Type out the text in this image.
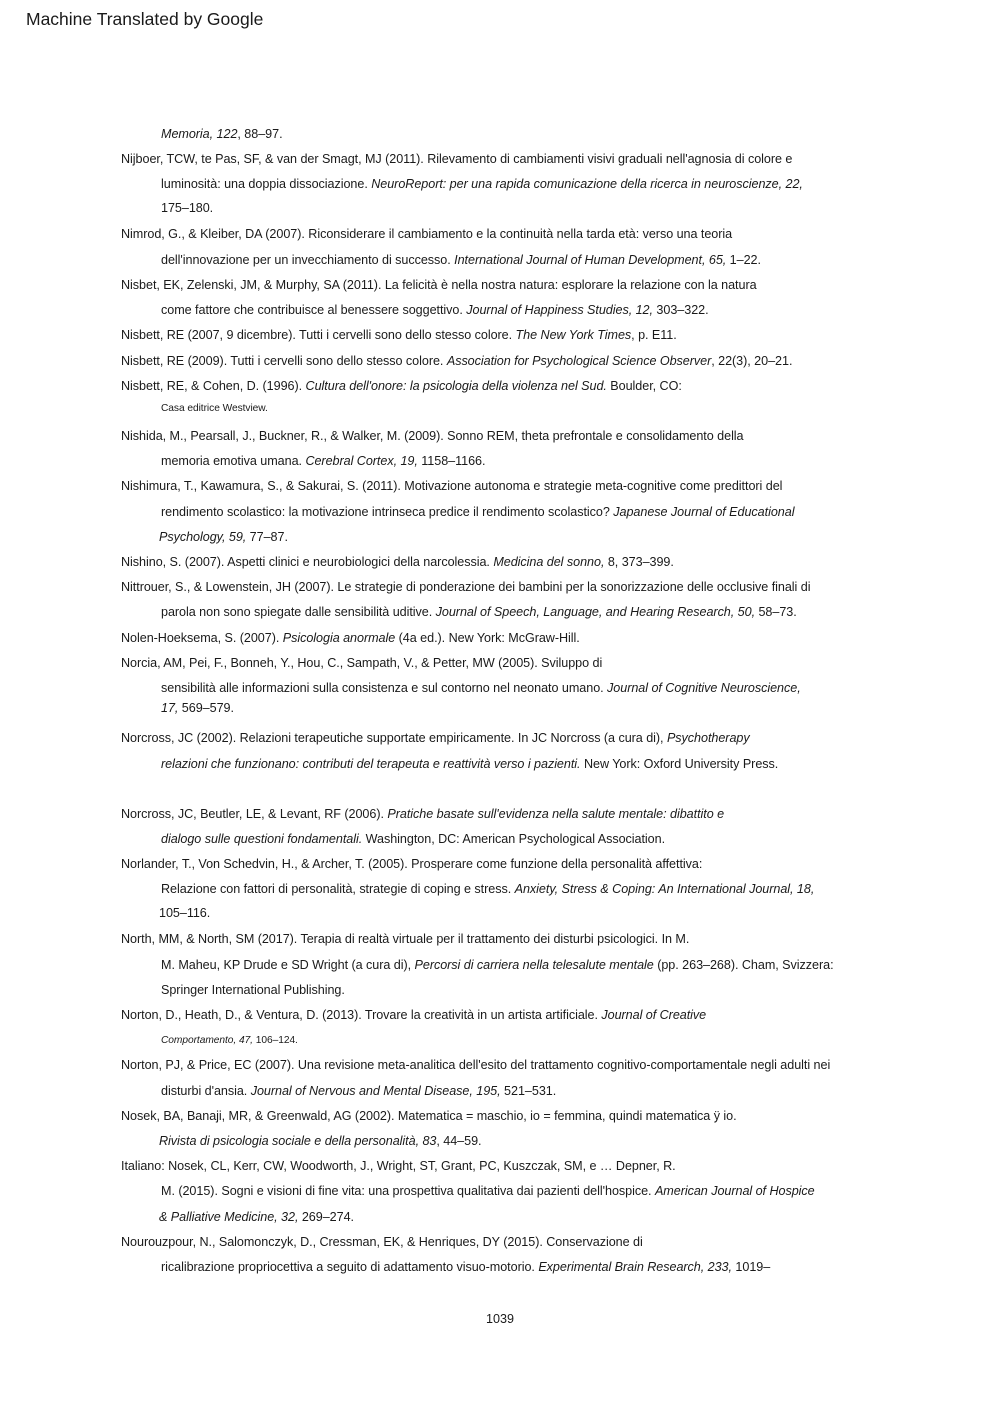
Machine Translated by Google
Memoria, 122, 88–97.
Nijboer, TCW, te Pas, SF, & van der Smagt, MJ (2011). Rilevamento di cambiamenti visivi graduali nell'agnosia di colore e
luminosità: una doppia dissociazione. NeuroReport: per una rapida comunicazione della ricerca in neuroscienze, 22,
175–180.
Nimrod, G., & Kleiber, DA (2007). Riconsiderare il cambiamento e la continuità nella tarda età: verso una teoria
dell'innovazione per un invecchiamento di successo. International Journal of Human Development, 65, 1–22.
Nisbet, EK, Zelenski, JM, & Murphy, SA (2011). La felicità è nella nostra natura: esplorare la relazione con la natura
come fattore che contribuisce al benessere soggettivo. Journal of Happiness Studies, 12, 303–322.
Nisbett, RE (2007, 9 dicembre). Tutti i cervelli sono dello stesso colore. The New York Times, p. E11.
Nisbett, RE (2009). Tutti i cervelli sono dello stesso colore. Association for Psychological Science Observer, 22(3), 20–21.
Nisbett, RE, & Cohen, D. (1996). Cultura dell'onore: la psicologia della violenza nel Sud. Boulder, CO:
Casa editrice Westview.
Nishida, M., Pearsall, J., Buckner, R., & Walker, M. (2009). Sonno REM, theta prefrontale e consolidamento della
memoria emotiva umana. Cerebral Cortex, 19, 1158–1166.
Nishimura, T., Kawamura, S., & Sakurai, S. (2011). Motivazione autonoma e strategie meta-cognitive come predittori del
rendimento scolastico: la motivazione intrinseca predice il rendimento scolastico? Japanese Journal of Educational
Psychology, 59, 77–87.
Nishino, S. (2007). Aspetti clinici e neurobiologici della narcolessia. Medicina del sonno, 8, 373–399.
Nittrouer, S., & Lowenstein, JH (2007). Le strategie di ponderazione dei bambini per la sonorizzazione delle occlusive finali di
parola non sono spiegate dalle sensibilità uditive. Journal of Speech, Language, and Hearing Research, 50, 58–73.
Nolen-Hoeksema, S. (2007). Psicologia anormale (4a ed.). New York: McGraw-Hill.
Norcia, AM, Pei, F., Bonneh, Y., Hou, C., Sampath, V., & Petter, MW (2005). Sviluppo di
sensibilità alle informazioni sulla consistenza e sul contorno nel neonato umano. Journal of Cognitive Neuroscience,
17, 569–579.
Norcross, JC (2002). Relazioni terapeutiche supportate empiricamente. In JC Norcross (a cura di), Psychotherapy
relazioni che funzionano: contributi del terapeuta e reattività verso i pazienti. New York: Oxford University Press.
Norcross, JC, Beutler, LE, & Levant, RF (2006). Pratiche basate sull'evidenza nella salute mentale: dibattito e
dialogo sulle questioni fondamentali. Washington, DC: American Psychological Association.
Norlander, T., Von Schedvin, H., & Archer, T. (2005). Prosperare come funzione della personalità affettiva:
Relazione con fattori di personalità, strategie di coping e stress. Anxiety, Stress & Coping: An International Journal, 18,
105–116.
North, MM, & North, SM (2017). Terapia di realtà virtuale per il trattamento dei disturbi psicologici. In M.
M. Maheu, KP Drude e SD Wright (a cura di), Percorsi di carriera nella telesalute mentale (pp. 263–268). Cham, Svizzera:
Springer International Publishing.
Norton, D., Heath, D., & Ventura, D. (2013). Trovare la creatività in un artista artificiale. Journal of Creative
Comportamento, 47, 106–124.
Norton, PJ, & Price, EC (2007). Una revisione meta-analitica dell'esito del trattamento cognitivo-comportamentale negli adulti nei
disturbi d'ansia. Journal of Nervous and Mental Disease, 195, 521–531.
Nosek, BA, Banaji, MR, & Greenwald, AG (2002). Matematica = maschio, io = femmina, quindi matematica ÿ io.
Rivista di psicologia sociale e della personalità, 83, 44–59.
Italiano: Nosek, CL, Kerr, CW, Woodworth, J., Wright, ST, Grant, PC, Kuszczak, SM, e … Depner, R.
M. (2015). Sogni e visioni di fine vita: una prospettiva qualitativa dai pazienti dell'hospice. American Journal of Hospice
& Palliative Medicine, 32, 269–274.
Nourouzpour, N., Salomonczyk, D., Cressman, EK, & Henriques, DY (2015). Conservazione di
ricalibrazione propriocettiva a seguito di adattamento visuo-motorio. Experimental Brain Research, 233, 1019–
1039
